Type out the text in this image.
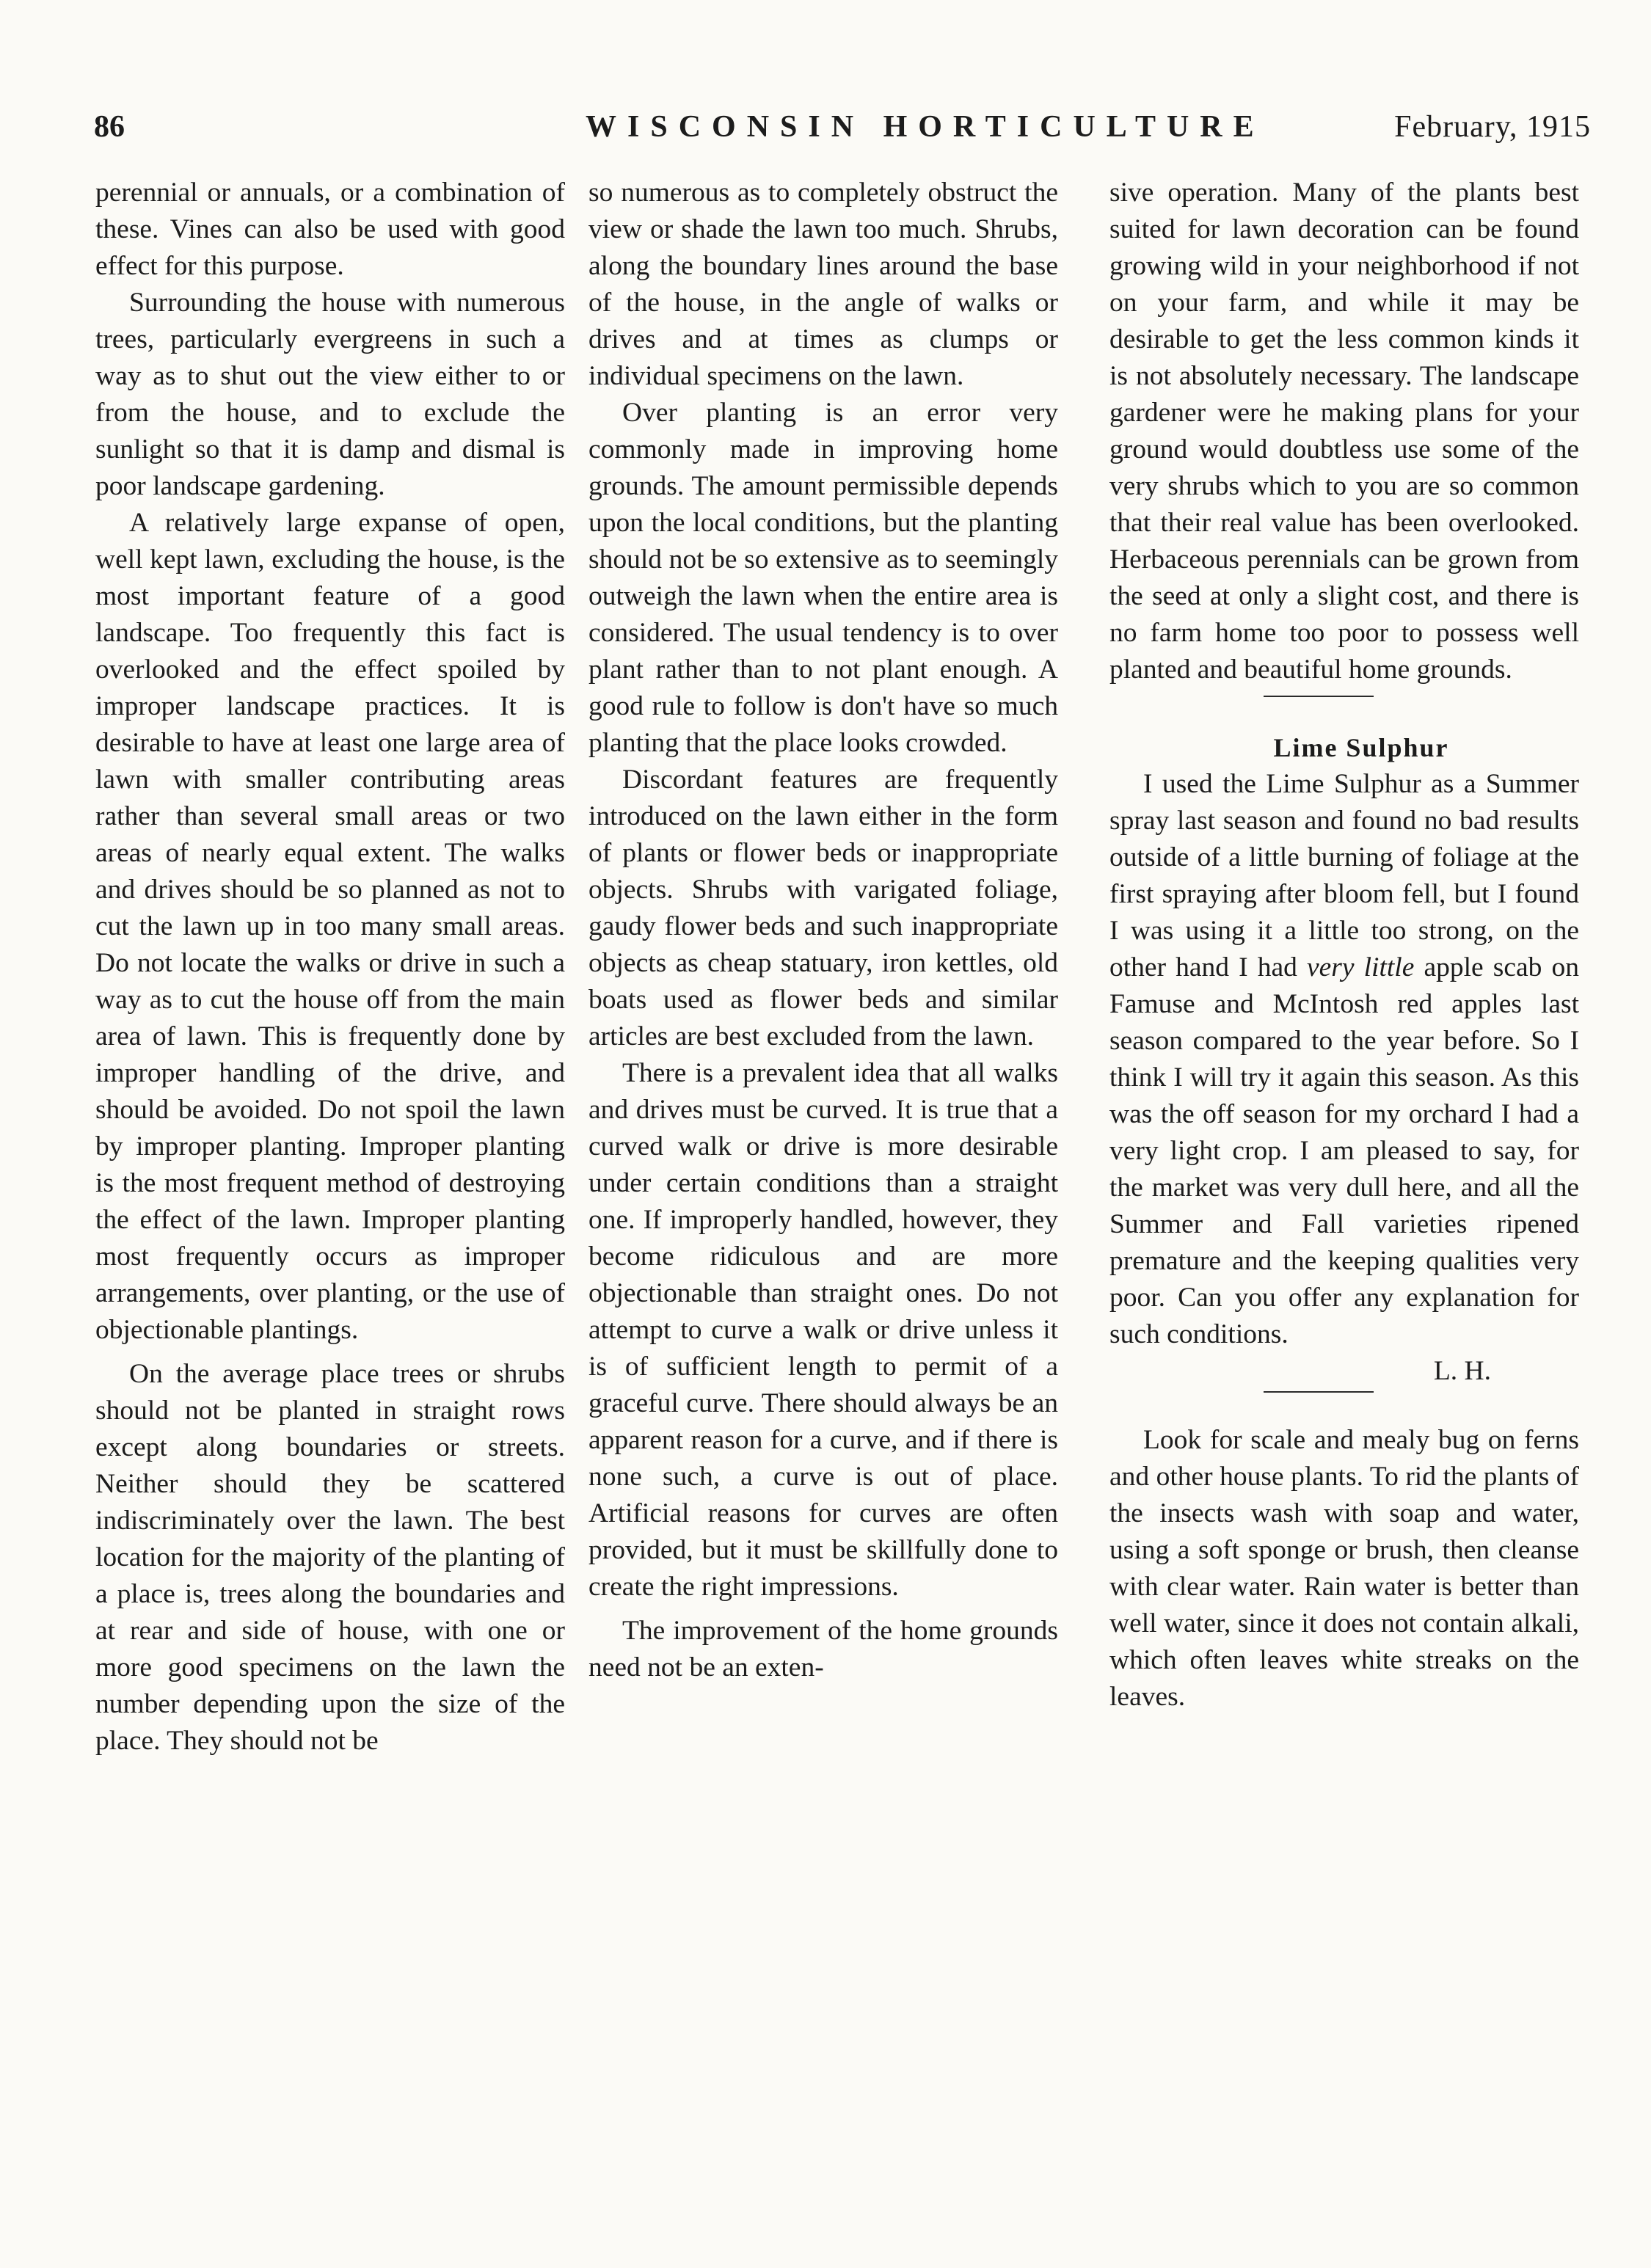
86	WISCONSIN HORTICULTURE	February, 1915

perennial or annuals, or a combination of these. Vines can also be used with good effect for this purpose.

Surrounding the house with numerous trees, particularly evergreens in such a way as to shut out the view either to or from the house, and to exclude the sunlight so that it is damp and dismal is poor landscape gardening.

A relatively large expanse of open, well kept lawn, excluding the house, is the most important feature of a good landscape. Too frequently this fact is overlooked and the effect spoiled by improper landscape practices. It is desirable to have at least one large area of lawn with smaller contributing areas rather than several small areas or two areas of nearly equal extent. The walks and drives should be so planned as not to cut the lawn up in too many small areas. Do not locate the walks or drive in such a way as to cut the house off from the main area of lawn. This is frequently done by improper handling of the drive, and should be avoided. Do not spoil the lawn by improper planting. Improper planting is the most frequent method of destroying the effect of the lawn. Improper planting most frequently occurs as improper arrangements, over planting, or the use of objectionable plantings.

On the average place trees or shrubs should not be planted in straight rows except along boundaries or streets. Neither should they be scattered indiscriminately over the lawn. The best location for the majority of the planting of a place is, trees along the boundaries and at rear and side of house, with one or more good specimens on the lawn the number depending upon the size of the place. They should not be

so numerous as to completely obstruct the view or shade the lawn too much. Shrubs, along the boundary lines around the base of the house, in the angle of walks or drives and at times as clumps or individual specimens on the lawn.

Over planting is an error very commonly made in improving home grounds. The amount permissible depends upon the local conditions, but the planting should not be so extensive as to seemingly outweigh the lawn when the entire area is considered. The usual tendency is to over plant rather than to not plant enough. A good rule to follow is don't have so much planting that the place looks crowded.

Discordant features are frequently introduced on the lawn either in the form of plants or flower beds or inappropriate objects. Shrubs with varigated foliage, gaudy flower beds and such inappropriate objects as cheap statuary, iron kettles, old boats used as flower beds and similar articles are best excluded from the lawn.

There is a prevalent idea that all walks and drives must be curved. It is true that a curved walk or drive is more desirable under certain conditions than a straight one. If improperly handled, however, they become ridiculous and are more objectionable than straight ones. Do not attempt to curve a walk or drive unless it is of sufficient length to permit of a graceful curve. There should always be an apparent reason for a curve, and if there is none such, a curve is out of place. Artificial reasons for curves are often provided, but it must be skillfully done to create the right impressions.

The improvement of the home grounds need not be an exten-

sive operation. Many of the plants best suited for lawn decoration can be found growing wild in your neighborhood if not on your farm, and while it may be desirable to get the less common kinds it is not absolutely necessary. The landscape gardener were he making plans for your ground would doubtless use some of the very shrubs which to you are so common that their real value has been overlooked. Herbaceous perennials can be grown from the seed at only a slight cost, and there is no farm home too poor to possess well planted and beautiful home grounds.

Lime Sulphur

I used the Lime Sulphur as a Summer spray last season and found no bad results outside of a little burning of foliage at the first spraying after bloom fell, but I found I was using it a little too strong, on the other hand I had very little apple scab on Famuse and McIntosh red apples last season compared to the year before. So I think I will try it again this season. As this was the off season for my orchard I had a very light crop. I am pleased to say, for the market was very dull here, and all the Summer and Fall varieties ripened premature and the keeping qualities very poor. Can you offer any explanation for such conditions.

L. H.

Look for scale and mealy bug on ferns and other house plants. To rid the plants of the insects wash with soap and water, using a soft sponge or brush, then cleanse with clear water. Rain water is better than well water, since it does not contain alkali, which often leaves white streaks on the leaves.
